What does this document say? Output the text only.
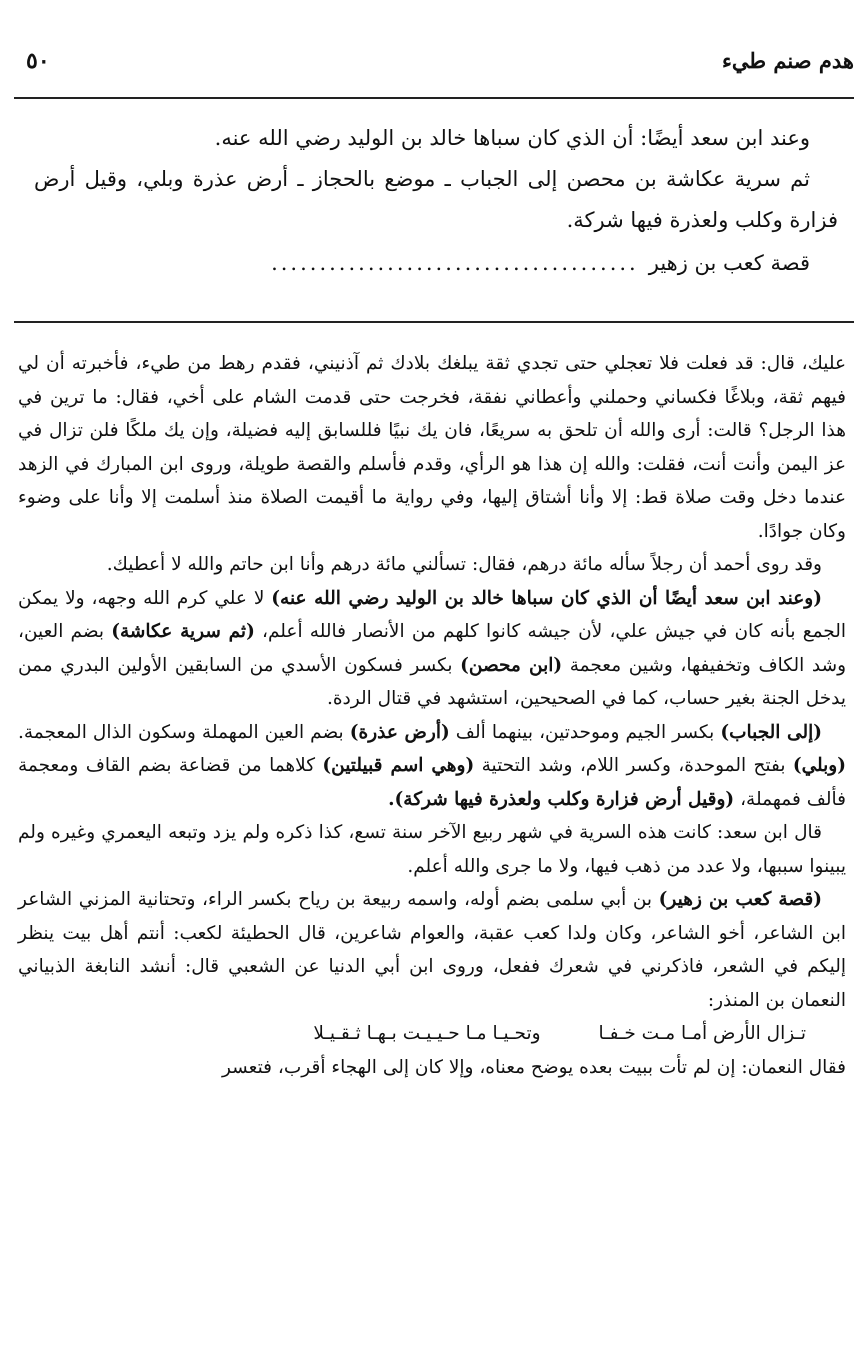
هدم صنم طيء
٥٠

وعند ابن سعد أيضًا: أن الذي كان سباها خالد بن الوليد رضي الله عنه.

ثم سرية عكاشة بن محصن إلى الجباب ـ موضع بالحجاز ـ أرض عذرة وبلي، وقيل أرض فزارة وكلب ولعذرة فيها شركة.

قصة كعب بن زهير
......................................

عليك، قال: قد فعلت فلا تعجلي حتى تجدي ثقة يبلغك بلادك ثم آذنيني، فقدم رهط من طيء، فأخبرته أن لي فيهم ثقة، وبلاغًا فكساني وحملني وأعطاني نفقة، فخرجت حتى قدمت الشام على أخي، فقال: ما ترين في هذا الرجل؟ قالت: أرى والله أن تلحق به سريعًا، فان يك نبيًا فللسابق إليه فضيلة، وإن يك ملكًا فلن تزال في عز اليمن وأنت أنت، فقلت: والله إن هذا هو الرأي، وقدم فأسلم والقصة طويلة، وروى ابن المبارك في الزهد عندما دخل وقت صلاة قط: إلا وأنا أشتاق إليها، وفي رواية ما أقيمت الصلاة منذ أسلمت إلا وأنا على وضوء وكان جوادًا.

وقد روى أحمد أن رجلاً سأله مائة درهم، فقال: تسألني مائة درهم وأنا ابن حاتم والله لا أعطيك.

(وعند ابن سعد أيضًا أن الذي كان سباها خالد بن الوليد رضي الله عنه) لا علي كرم الله وجهه، ولا يمكن الجمع بأنه كان في جيش علي، لأن جيشه كانوا كلهم من الأنصار فالله أعلم، (ثم سرية عكاشة) بضم العين، وشد الكاف وتخفيفها، وشين معجمة (ابن محصن) بكسر فسكون الأسدي من السابقين الأولين البدري ممن يدخل الجنة بغير حساب، كما في الصحيحين، استشهد في قتال الردة.

(إلى الجباب) بكسر الجيم وموحدتين، بينهما ألف (أرض عذرة) بضم العين المهملة وسكون الذال المعجمة. (وبلي) بفتح الموحدة، وكسر اللام، وشد التحتية (وهي اسم قبيلتين) كلاهما من قضاعة بضم القاف ومعجمة فألف فمهملة، (وقيل أرض فزارة وكلب ولعذرة فيها شركة).

قال ابن سعد: كانت هذه السرية في شهر ربيع الآخر سنة تسع، كذا ذكره ولم يزد وتبعه اليعمري وغيره ولم يبينوا سببها، ولا عدد من ذهب فيها، ولا ما جرى والله أعلم.

(قصة كعب بن زهير) بن أبي سلمى بضم أوله، واسمه ربيعة بن رياح بكسر الراء، وتحتانية المزني الشاعر ابن الشاعر، أخو الشاعر، وكان ولدا كعب عقبة، والعوام شاعرين، قال الحطيئة لكعب: أنتم أهل بيت ينظر إليكم في الشعر، فاذكرني في شعرك ففعل، وروى ابن أبي الدنيا عن الشعبي قال: أنشد النابغة الذبياني النعمان بن المنذر:

تـزال الأرض أمـا مـت خـفـا
وتحـيـا مـا حـيـيـت بـهـا ثـقـيـلا

فقال النعمان: إن لم تأت ببيت بعده يوضح معناه، وإلا كان إلى الهجاء أقرب، فتعسر
